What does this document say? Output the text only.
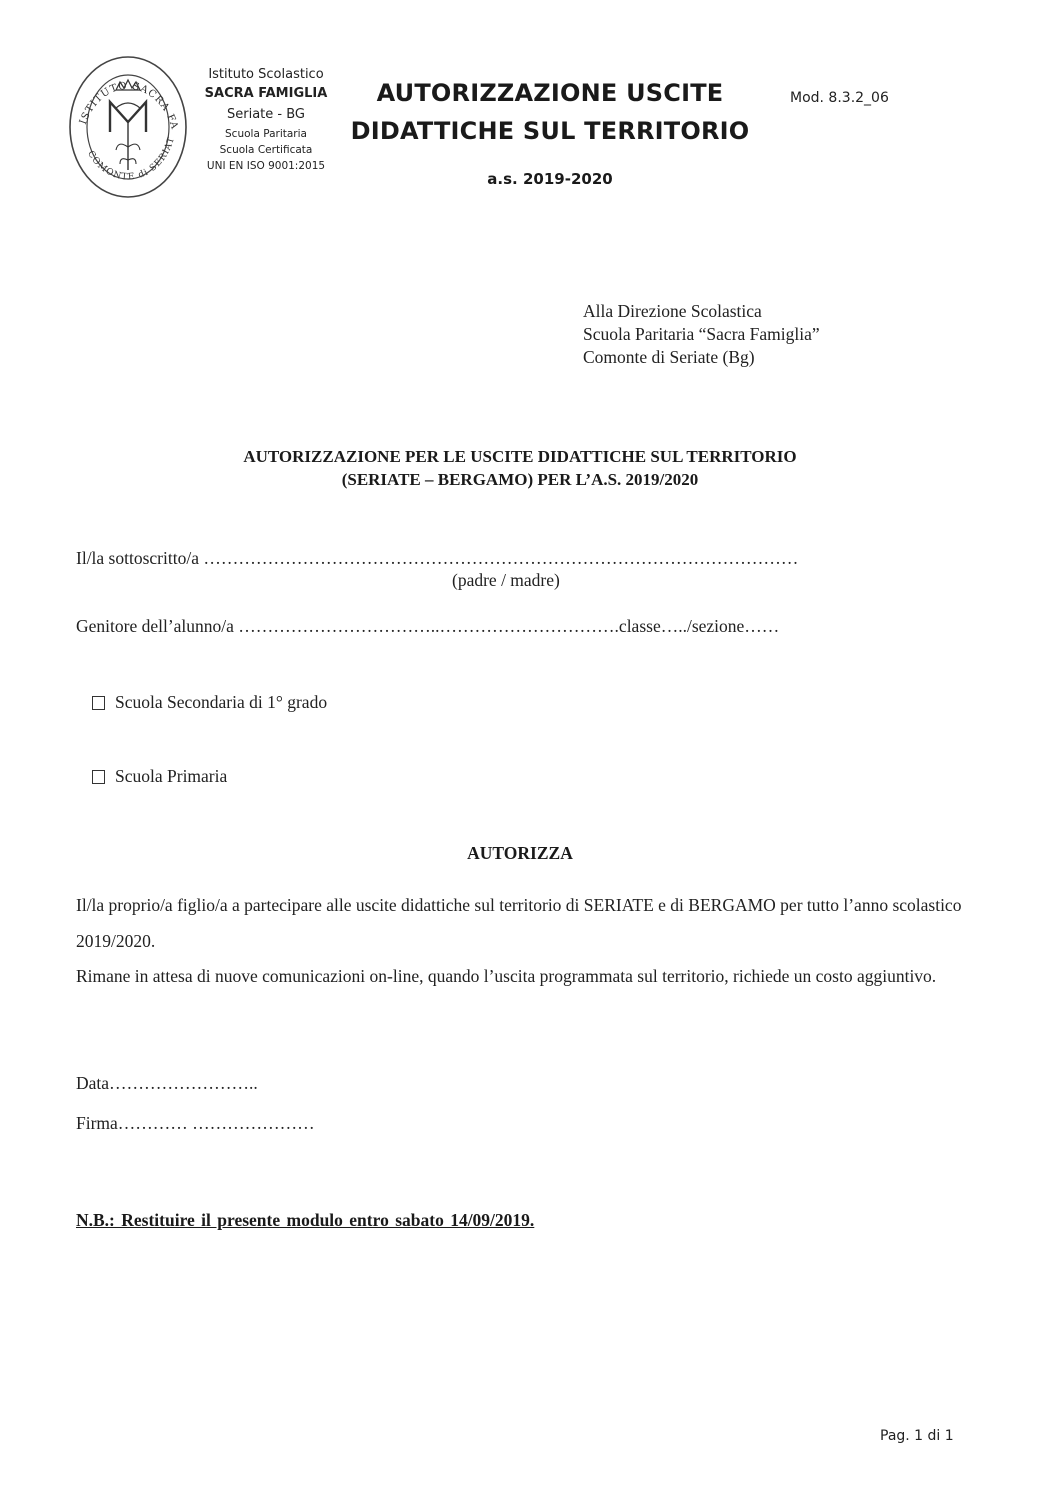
ISTITUTO SACRA FA
COMONTE di SERIAT
Istituto Scolastico
SACRA FAMIGLIA
Seriate - BG
Scuola Paritaria
Scuola Certificata
UNI EN ISO 9001:2015
AUTORIZZAZIONE USCITE
DIDATTICHE SUL TERRITORIO
a.s. 2019-2020
Mod. 8.3.2_06
Alla Direzione Scolastica
Scuola Paritaria “Sacra Famiglia”
Comonte di Seriate (Bg)
AUTORIZZAZIONE PER LE USCITE DIDATTICHE SUL TERRITORIO
(SERIATE – BERGAMO) PER L’A.S. 2019/2020
Il/la sottoscritto/a …………………………………………………………………………………………
(padre / madre)
Genitore dell’alunno/a ……………………………..………………………….classe…../sezione……
Scuola Secondaria di 1° grado
Scuola Primaria
AUTORIZZA

Il/la proprio/a figlio/a a partecipare alle uscite didattiche sul territorio di SERIATE e di BERGAMO per tutto l’anno scolastico 2019/2020.

Rimane in attesa di nuove comunicazioni on-line, quando l’uscita programmata sul territorio, richiede un costo aggiuntivo.

Data……………………..
Firma………… …………………
N.B.: Restituire il presente modulo entro sabato 14/09/2019.
Pag. 1 di 1
